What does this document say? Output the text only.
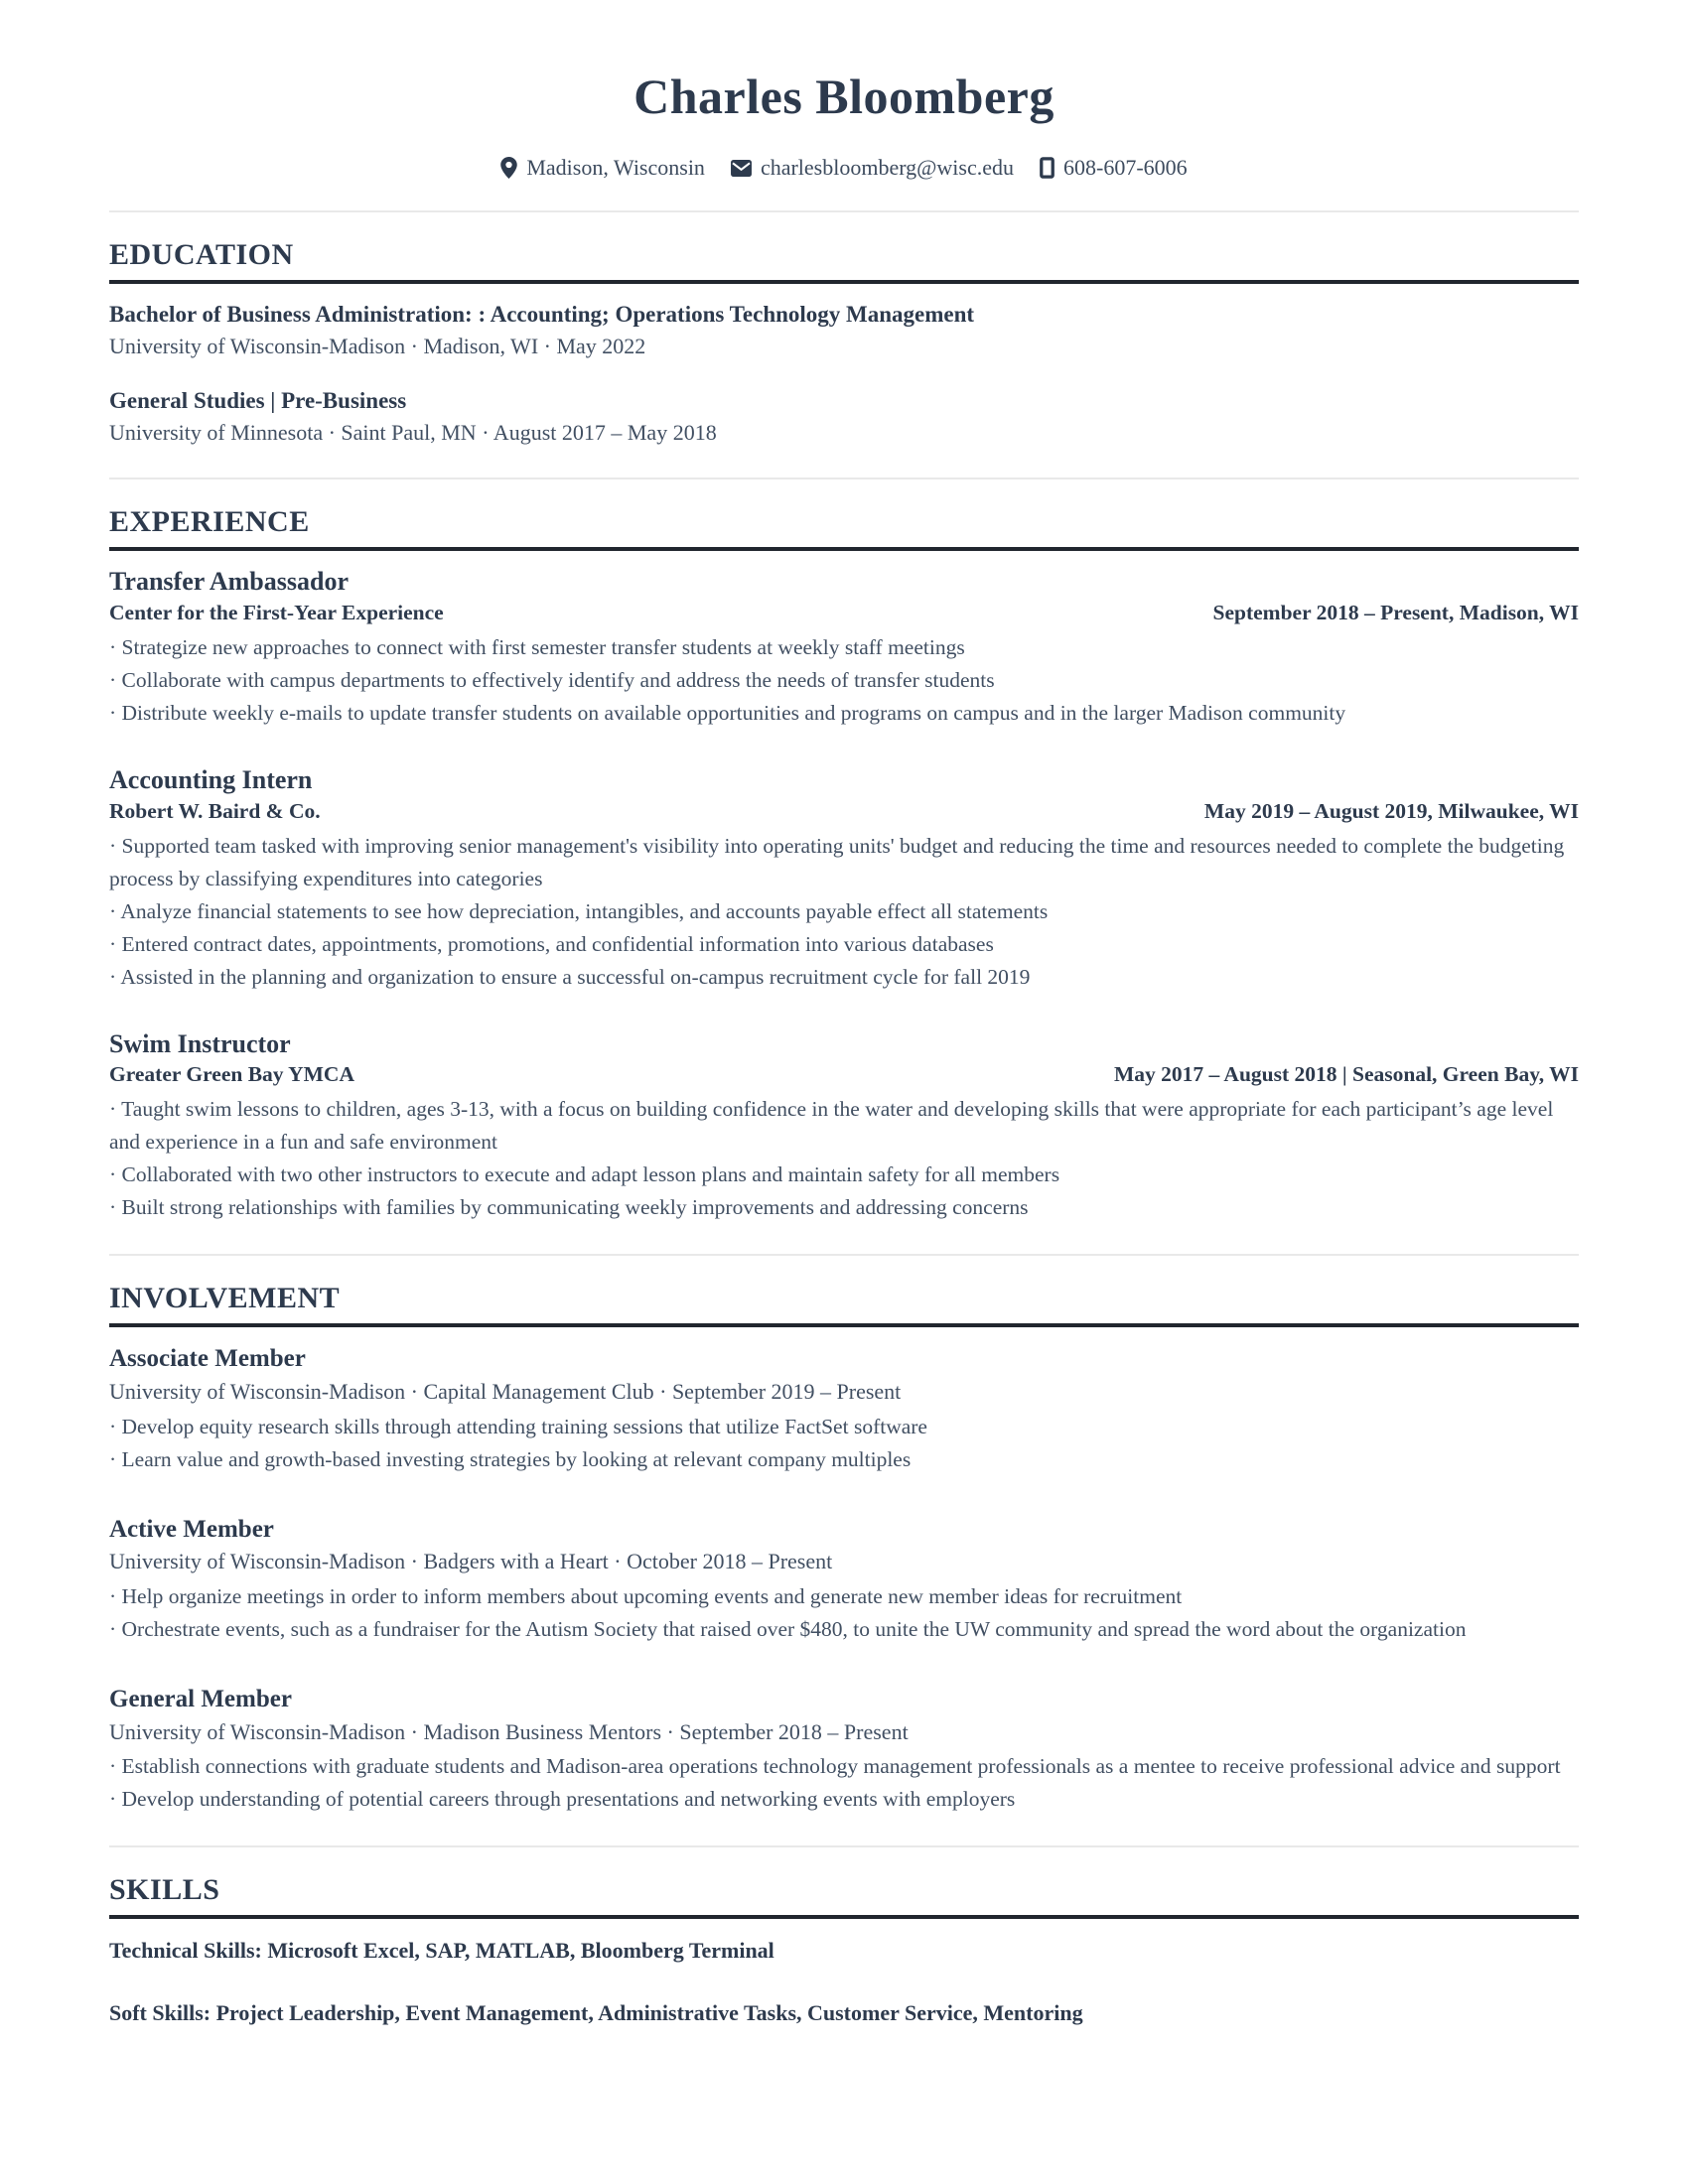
Charles Bloomberg
Madison, Wisconsin	charlesbloomberg@wisc.edu 608-607-6006
EDUCATION
Bachelor of Business Administration: : Accounting; Operations Technology Management
University of Wisconsin-Madison · Madison, WI · May 2022
General Studies | Pre-Business
University of Minnesota · Saint Paul, MN · August 2017 – May 2018
EXPERIENCE
Transfer Ambassador
Center for the First-Year Experience	September 2018 – Present, Madison, WI
· Strategize new approaches to connect with first semester transfer students at weekly staff meetings
· Collaborate with campus departments to effectively identify and address the needs of transfer students
· Distribute weekly e-mails to update transfer students on available opportunities and programs on campus and in the larger Madison community
Accounting Intern
Robert W. Baird & Co.	May 2019 – August 2019, Milwaukee, WI
· Supported team tasked with improving senior management's visibility into operating units' budget and reducing the time and resources needed to complete the budgeting process by classifying expenditures into categories
· Analyze financial statements to see how depreciation, intangibles, and accounts payable effect all statements
· Entered contract dates, appointments, promotions, and confidential information into various databases
· Assisted in the planning and organization to ensure a successful on-campus recruitment cycle for fall 2019
Swim Instructor
Greater Green Bay YMCA	May 2017 – August 2018 | Seasonal, Green Bay, WI
· Taught swim lessons to children, ages 3-13, with a focus on building confidence in the water and developing skills that were appropriate for each participant’s age level and experience in a fun and safe environment
· Collaborated with two other instructors to execute and adapt lesson plans and maintain safety for all members
· Built strong relationships with families by communicating weekly improvements and addressing concerns
INVOLVEMENT
Associate Member
University of Wisconsin-Madison · Capital Management Club · September 2019 – Present
· Develop equity research skills through attending training sessions that utilize FactSet software
· Learn value and growth-based investing strategies by looking at relevant company multiples
Active Member
University of Wisconsin-Madison · Badgers with a Heart · October 2018 – Present
· Help organize meetings in order to inform members about upcoming events and generate new member ideas for recruitment
· Orchestrate events, such as a fundraiser for the Autism Society that raised over $480, to unite the UW community and spread the word about the organization
General Member
University of Wisconsin-Madison · Madison Business Mentors · September 2018 – Present
· Establish connections with graduate students and Madison-area operations technology management professionals as a mentee to receive professional advice and support
· Develop understanding of potential careers through presentations and networking events with employers
SKILLS
Technical Skills: Microsoft Excel, SAP, MATLAB, Bloomberg Terminal
Soft Skills: Project Leadership, Event Management, Administrative Tasks, Customer Service, Mentoring
